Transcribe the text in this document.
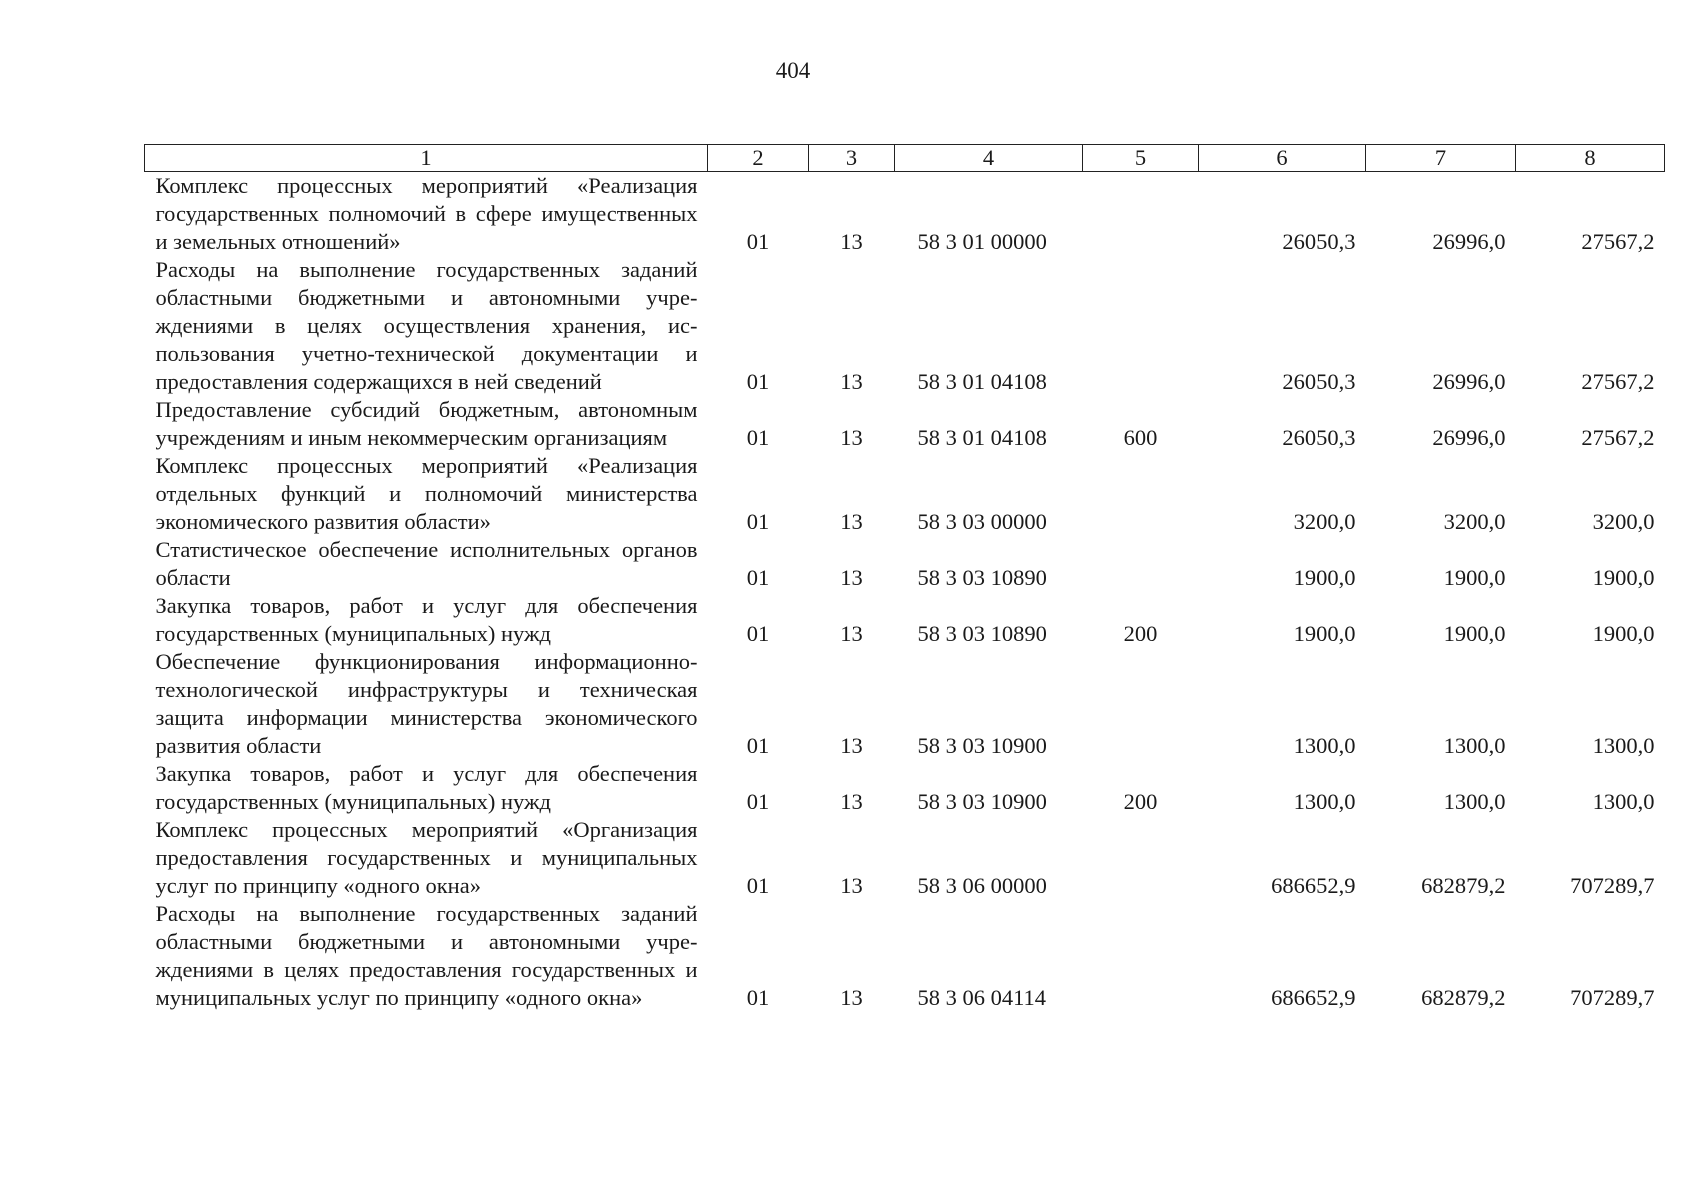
404
1	2	3	4	5	6	7	8
Комплекс процессных мероприятий «Реализация государственных полномочий в сфере имущественных и земельных отношений»	01	13	58 3 01 00000		26050,3	26996,0	27567,2
Расходы на выполнение государственных заданий областными бюджетными и автономными учреждениями в целях осуществления хранения, использования учетно-технической документации и предоставления содержащихся в ней сведений	01	13	58 3 01 04108		26050,3	26996,0	27567,2
Предоставление субсидий бюджетным, автономным учреждениям и иным некоммерческим организациям	01	13	58 3 01 04108	600	26050,3	26996,0	27567,2
Комплекс процессных мероприятий «Реализация отдельных функций и полномочий министерства экономического развития области»	01	13	58 3 03 00000		3200,0	3200,0	3200,0
Статистическое обеспечение исполнительных органов области	01	13	58 3 03 10890		1900,0	1900,0	1900,0
Закупка товаров, работ и услуг для обеспечения государственных (муниципальных) нужд	01	13	58 3 03 10890	200	1900,0	1900,0	1900,0
Обеспечение функционирования информационнотехнологической инфраструктуры и техническая защита информации министерства экономического развития области	01	13	58 3 03 10900		1300,0	1300,0	1300,0
Закупка товаров, работ и услуг для обеспечения государственных (муниципальных) нужд	01	13	58 3 03 10900	200	1300,0	1300,0	1300,0
Комплекс процессных мероприятий «Организация предоставления государственных и муниципальных услуг по принципу «одного окна»	01	13	58 3 06 00000		686652,9	682879,2	707289,7
Расходы на выполнение государственных заданий областными бюджетными и автономными учреждениями в целях предоставления государственных и муниципальных услуг по принципу «одного окна»	01	13	58 3 06 04114		686652,9	682879,2	707289,7
